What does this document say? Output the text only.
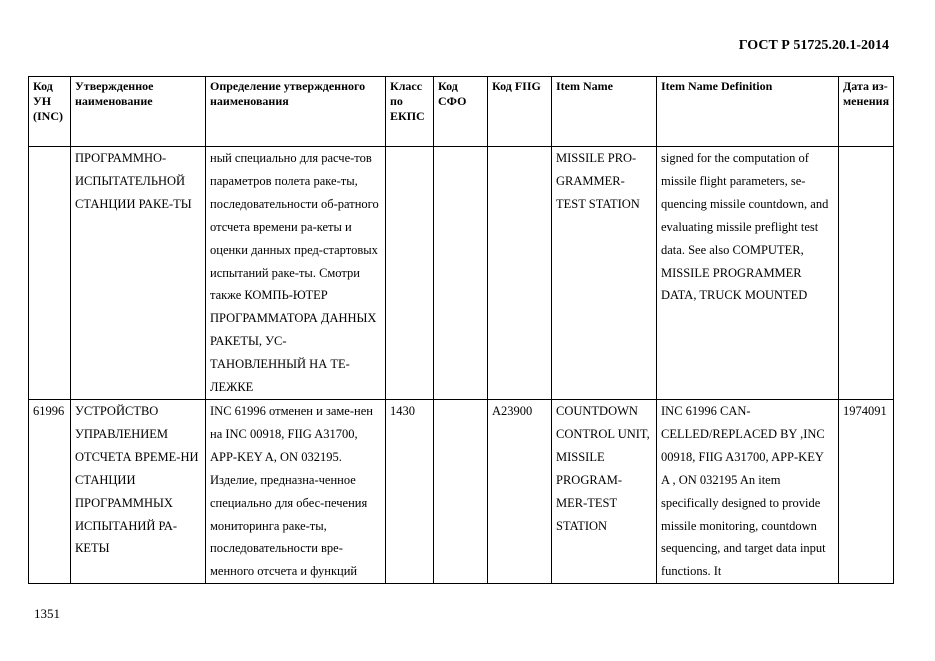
ГОСТ Р 51725.20.1-2014
Код УН (INC)	Утвержденное наименование	Определение утвержденного наименования	Класс по ЕКПС	Код СФО	Код FIIG	Item Name	Item Name Definition	Дата из-менения
	ПРОГРАММНО-ИСПЫТАТЕЛЬНОЙ СТАНЦИИ РАКЕ-ТЫ	ный специально для расче-тов параметров полета раке-ты, последовательности об-ратного отсчета времени ра-кеты и оценки данных пред-стартовых испытаний раке-ты. Смотри также КОМПЬ-ЮТЕР ПРОГРАММАТОРА ДАННЫХ РАКЕТЫ, УС-ТАНОВЛЕННЫЙ НА ТЕ-ЛЕЖКЕ				MISSILE PRO-GRAMMER-TEST STATION	signed for the computation of missile flight parameters, se-quencing missile countdown, and evaluating missile preflight test data. See also COMPUTER, MISSILE PROGRAMMER DATA, TRUCK MOUNTED	
61996	УСТРОЙСТВО УПРАВЛЕНИЕМ ОТСЧЕТА ВРЕМЕ-НИ СТАНЦИИ ПРОГРАММНЫХ ИСПЫТАНИЙ РА-КЕТЫ	INC 61996 отменен и заме-нен на INC 00918, FIIG A31700, APP-KEY A, ON 032195. Изделие, предназна-ченное специально для обес-печения мониторинга раке-ты, последовательности вре-менного отсчета и функций	1430		A23900	COUNTDOWN CONTROL UNIT, MISSILE PROGRAM-MER-TEST STATION	INC 61996 CAN-CELLED/REPLACED BY ,INC 00918, FIIG A31700, APP-KEY A , ON 032195 An item specifically designed to provide missile monitoring, countdown sequencing, and target data input functions. It	1974091
1351
